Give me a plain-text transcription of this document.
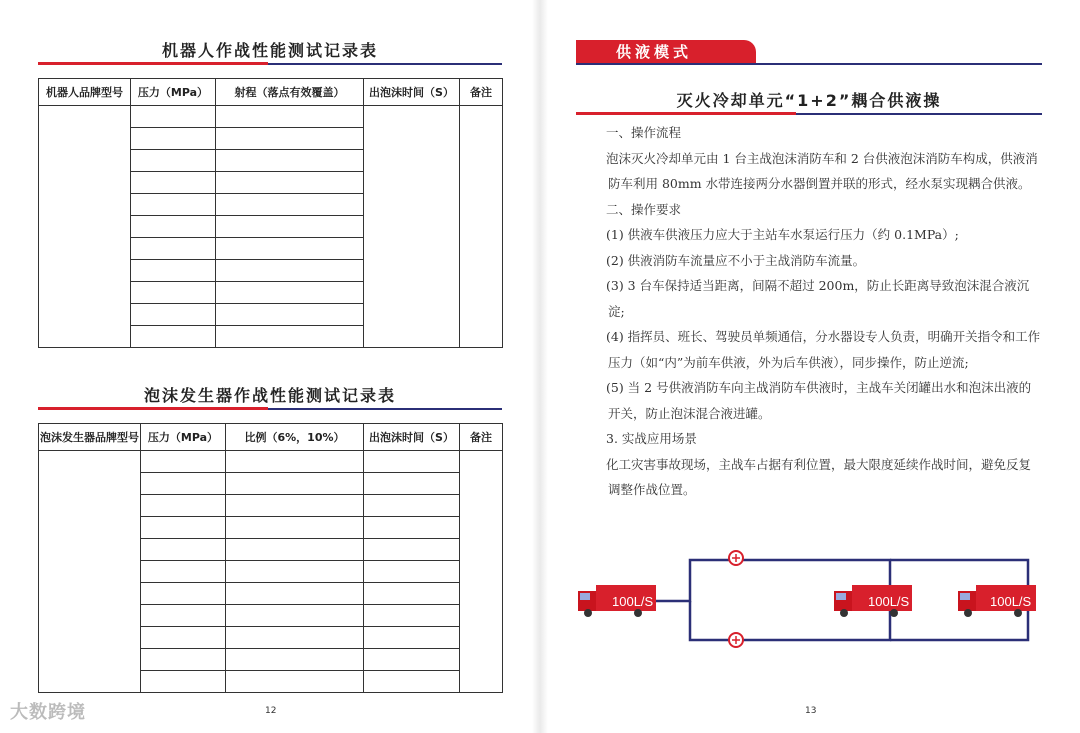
机器人作战性能测试记录表
机器人品牌型号	压力（MPa）	射程（落点有效覆盖）	出泡沫时间（S）	备注

泡沫发生器作战性能测试记录表
泡沫发生器品牌型号	压力（MPa）	比例（6%，10%）	出泡沫时间（S）	备注

12
供液模式
灭火冷却单元“1+2”耦合供液操

一、操作流程

泡沫灭火冷却单元由 1 台主战泡沫消防车和 2 台供液泡沫消防车构成，供液消防车利用 80mm 水带连接两分水器倒置并联的形式，经水泵实现耦合供液。

二、操作要求

(1) 供液车供液压力应大于主站车水泵运行压力（约 0.1MPa）;

(2) 供液消防车流量应不小于主战消防车流量。

(3) 3 台车保持适当距离，间隔不超过 200m，防止长距离导致泡沫混合液沉淀;

(4) 指挥员、班长、驾驶员单频通信，分水器设专人负责，明确开关指令和工作压力（如“内”为前车供液，外为后车供液），同步操作，防止逆流;

(5) 当 2 号供液消防车向主战消防车供液时，主战车关闭罐出水和泡沫出液的开关，防止泡沫混合液进罐。

3. 实战应用场景

化工灾害事故现场，主战车占据有利位置，最大限度延续作战时间，避免反复调整作战位置。

100L/S	100L/S	100L/S
13
大数跨境
